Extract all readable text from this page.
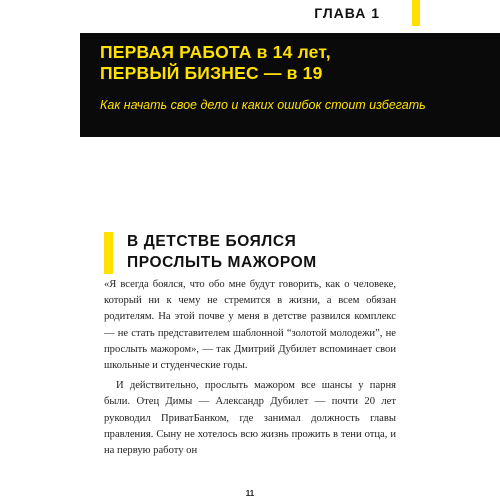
ГЛАВА 1
ПЕРВАЯ РАБОТА в 14 лет,
ПЕРВЫЙ БИЗНЕС — в 19
Как начать свое дело и каких ошибок стоит избегать
В ДЕТСТВЕ БОЯЛСЯ
ПРОСЛЫТЬ МАЖОРОМ

«Я всегда боялся, что обо мне будут говорить, как о человеке, который ни к чему не стремится в жизни, а всем обязан родителям. На этой почве у меня в детстве развился комплекс — не стать представителем шаблонной “золотой молодежи”, не прослыть мажором», — так Дмитрий Дубилет вспоминает свои школьные и студенческие годы.

И действительно, прослыть мажором все шансы у парня были. Отец Димы — Александр Дубилет — почти 20 лет руководил ПриватБанком, где занимал должность главы правления. Сыну не хотелось всю жизнь прожить в тени отца, и на первую работу он

11
